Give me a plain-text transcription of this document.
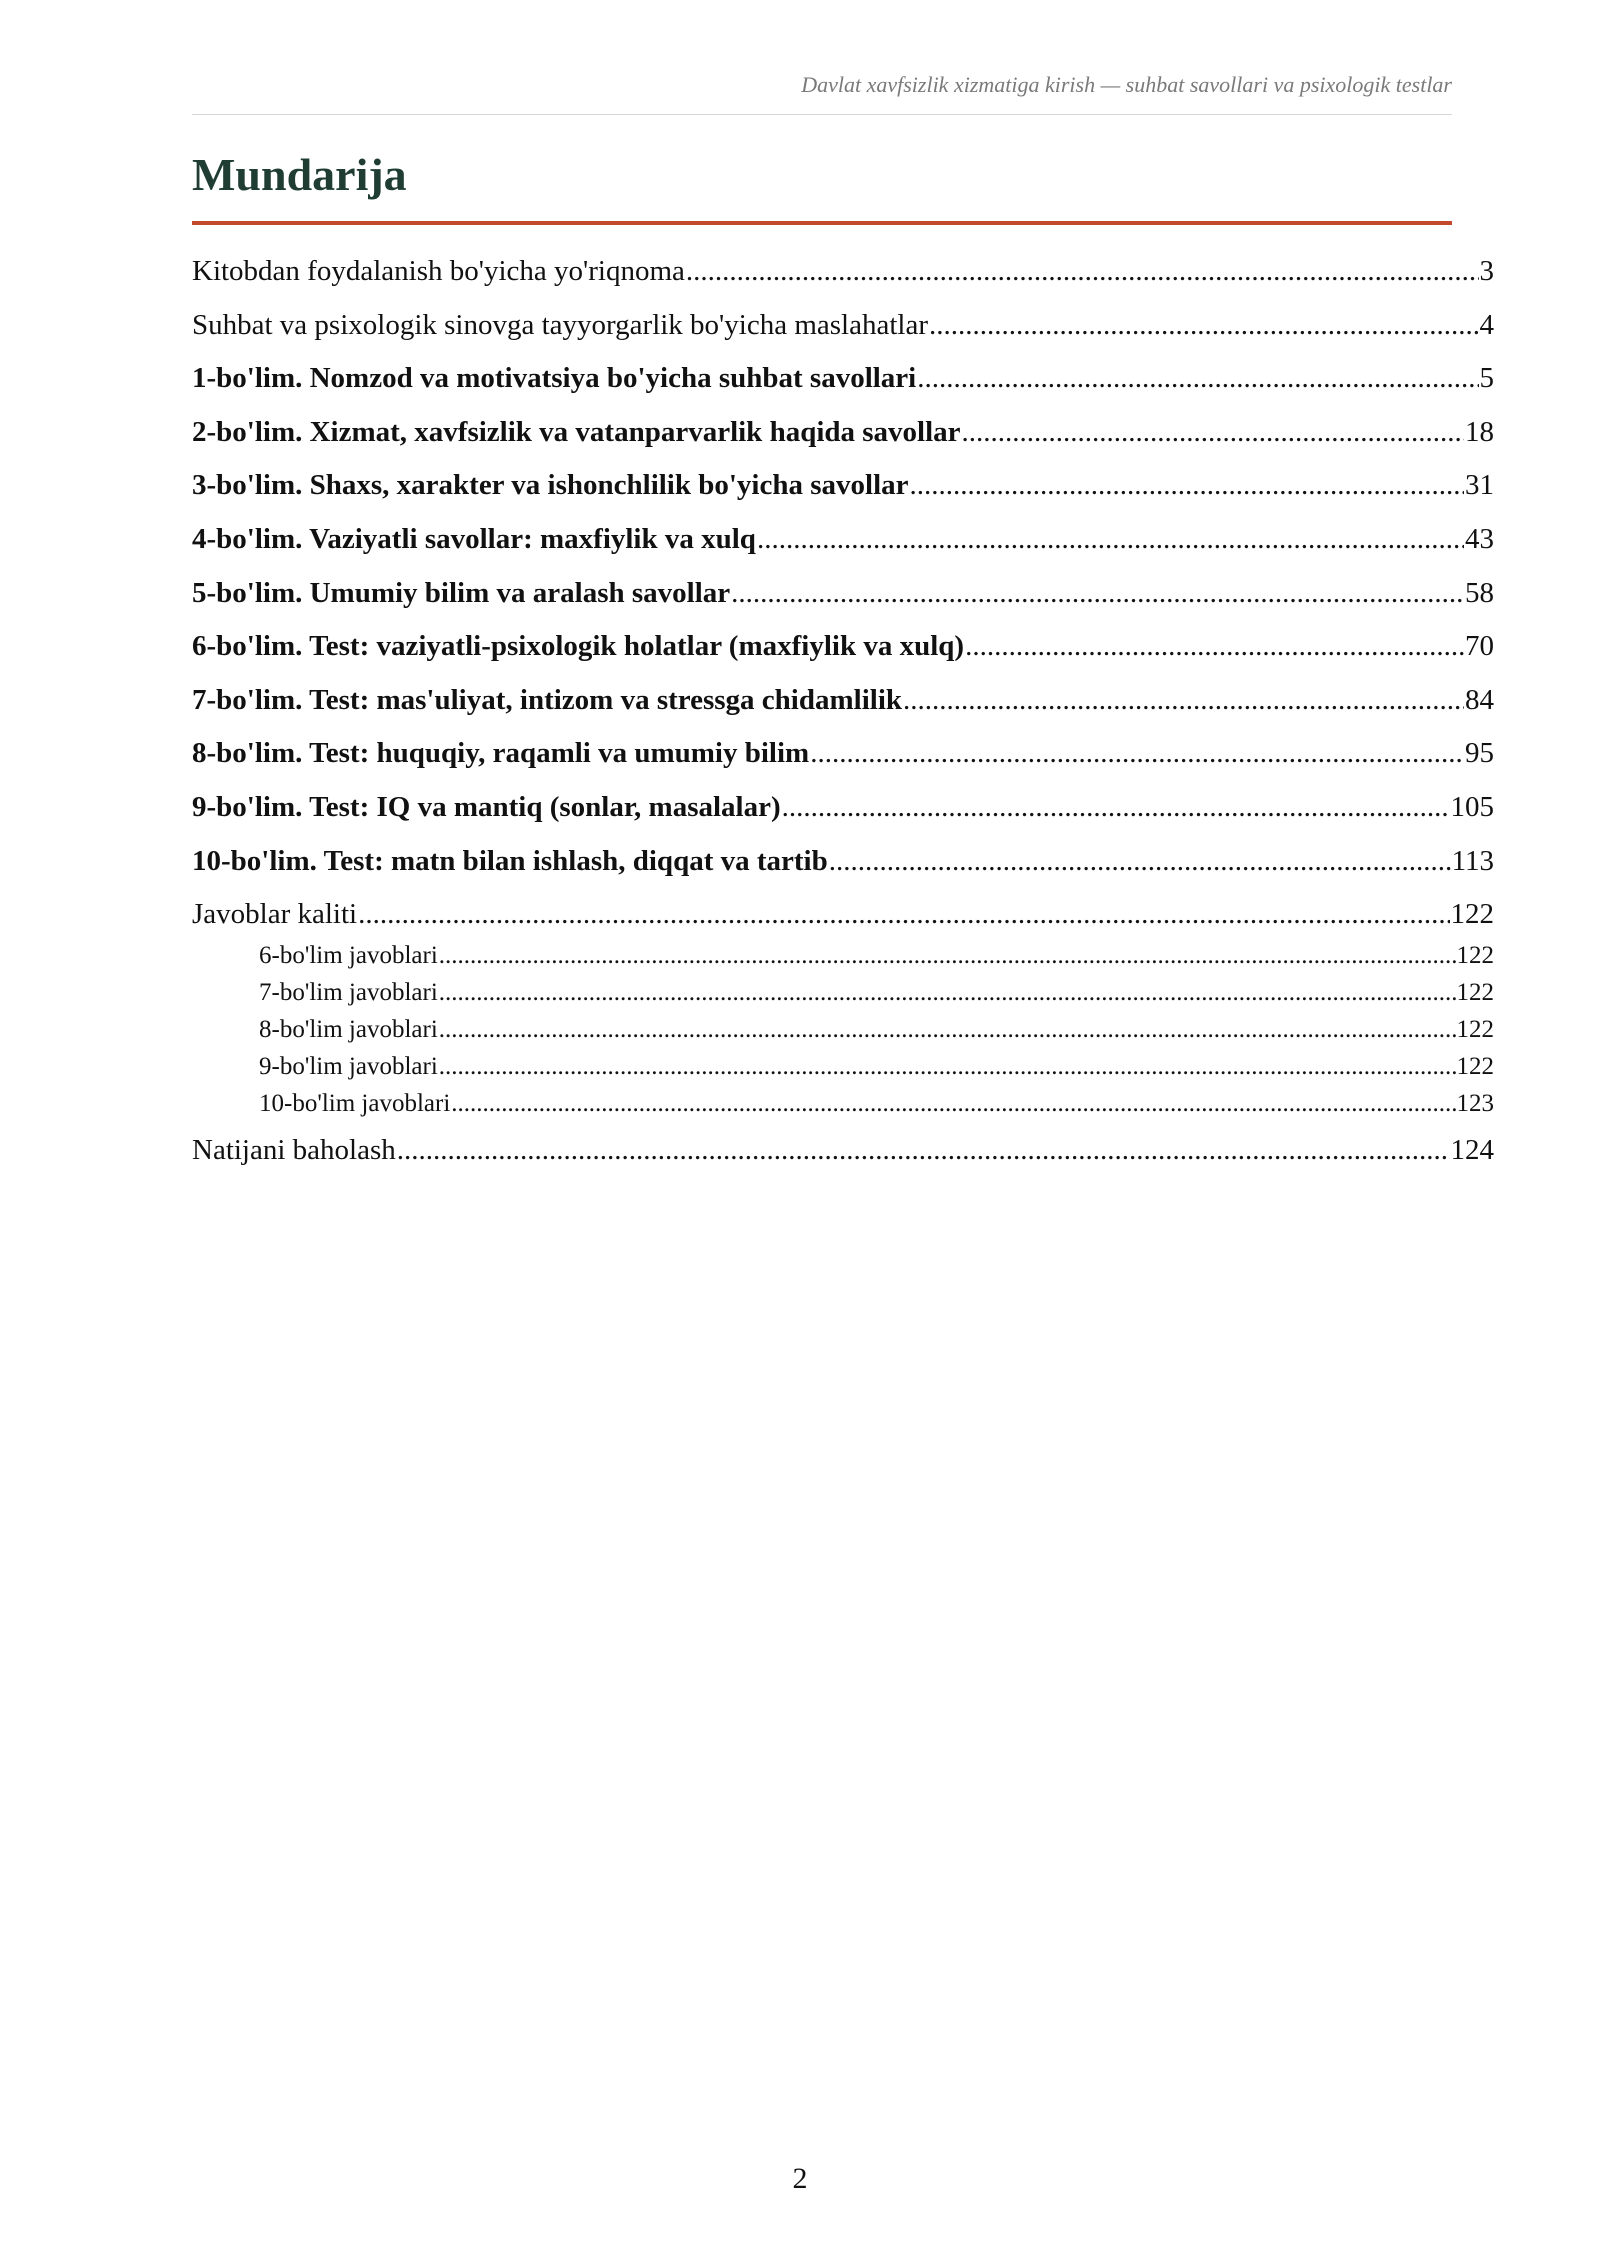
Davlat xavfsizlik xizmatiga kirish — suhbat savollari va psixologik testlar
Mundarija
Kitobdan foydalanish bo'yicha yo'riqnoma .....	3
Suhbat va psixologik sinovga tayyorgarlik bo'yicha maslahatlar .....	4
1-bo'lim. Nomzod va motivatsiya bo'yicha suhbat savollari .....	5
2-bo'lim. Xizmat, xavfsizlik va vatanparvarlik haqida savollar .....	18
3-bo'lim. Shaxs, xarakter va ishonchlilik bo'yicha savollar .....	31
4-bo'lim. Vaziyatli savollar: maxfiylik va xulq .....	43
5-bo'lim. Umumiy bilim va aralash savollar .....	58
6-bo'lim. Test: vaziyatli-psixologik holatlar (maxfiylik va xulq) .....	70
7-bo'lim. Test: mas'uliyat, intizom va stressga chidamlilik .....	84
8-bo'lim. Test: huquqiy, raqamli va umumiy bilim .....	95
9-bo'lim. Test: IQ va mantiq (sonlar, masalalar) .....	105
10-bo'lim. Test: matn bilan ishlash, diqqat va tartib .....	113
Javoblar kaliti .....	122
6-bo'lim javoblari .....	122
7-bo'lim javoblari .....	122
8-bo'lim javoblari .....	122
9-bo'lim javoblari .....	122
10-bo'lim javoblari .....	123
Natijani baholash .....	124
2
